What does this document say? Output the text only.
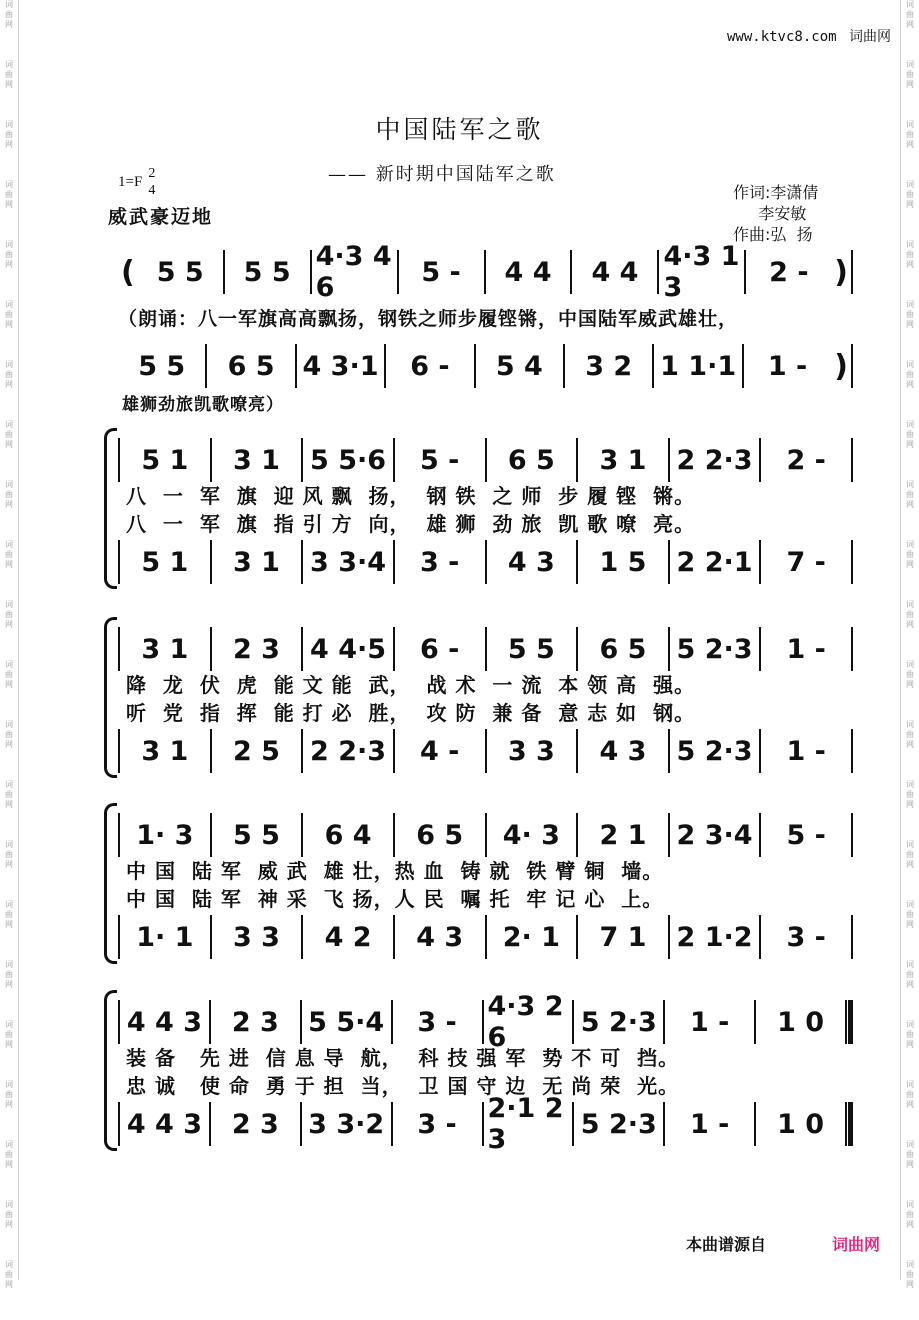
词
曲
网
词
曲
网
词
曲
网
词
曲
网
词
曲
网
词
曲
网
词
曲
网
词
曲
网
词
曲
网
词
曲
网
词
曲
网
词
曲
网
词
曲
网
词
曲
网
词
曲
网
词
曲
网
词
曲
网
词
曲
网
词
曲
网
词
曲
网
词
曲
网
词
曲
网
词
曲
网
词
曲
网
词
曲
网
词
曲
网
词
曲
网
词
曲
网
词
曲
网
词
曲
网
词
曲
网
词
曲
网
词
曲
网
词
曲
网
词
曲
网
词
曲
网
词
曲
网
词
曲
网
词
曲
网
词
曲
网
词
曲
网
词
曲
网
词
曲
网
词
曲
网
www.ktvc8.com 词曲网
中国陆军之歌
—— 新时期中国陆军之歌
1=F
2
4
威武豪迈地
作词:李潇倩
李安敏
作曲:弘  扬
( 5 5	5 5 4·3 4 6	5 -	4 4	4 4 4·3 1 3	2 - )
（朗诵：八一军旗高高飘扬，钢铁之师步履铿锵，中国陆军威武雄壮，
5 5	6 5	4 3·1	6 -	5 4	3 2	1 1·1	1 - )
雄狮劲旅凯歌嘹亮）
5 1	3 1	5 5·6	5 -	6 5	3 1	2 2·3	2 -
八  一  军  旗  迎 风 飘  扬，  钢 铁  之 师  步 履 铿  锵。
八  一  军  旗  指 引 方  向，  雄 狮  劲 旅  凯 歌 嘹  亮。
5 1	3 1	3 3·4	3 -	4 3	1 5	2 2·1	7 -
3 1	2 3	4 4·5	6 -	5 5	6 5	5 2·3	1 -
降  龙  伏  虎  能 文 能  武，  战 术  一 流  本 领 高  强。
听  党  指  挥  能 打 必  胜，  攻 防  兼 备  意 志 如  钢。
3 1	2 5	2 2·3	4 -	3 3	4 3	5 2·3	1 -
1· 3	5 5	6 4	6 5	4· 3	2 1	2 3·4	5 -
中 国  陆 军  威 武  雄 壮，热 血  铸 就  铁 臂 铜  墙。
中 国  陆 军  神 采  飞 扬，人 民  嘱 托  牢 记 心  上。
1· 1	3 3	4 2	4 3	2· 1	7 1	2 1·2	3 -
4 4 3	2 3	5 5·4	3 -	4·3 2 6	5 2·3	1 -	1 0
装 备   先 进  信 息 导  航，  科 技 强 军  势 不 可  挡。
忠 诚   使 命  勇 于 担  当，  卫 国 守 边  无 尚 荣  光。
4 4 3	2 3	3 3·2	3 -	2·1 2 3	5 2·3	1 -	1 0
本曲谱源自	词曲网
